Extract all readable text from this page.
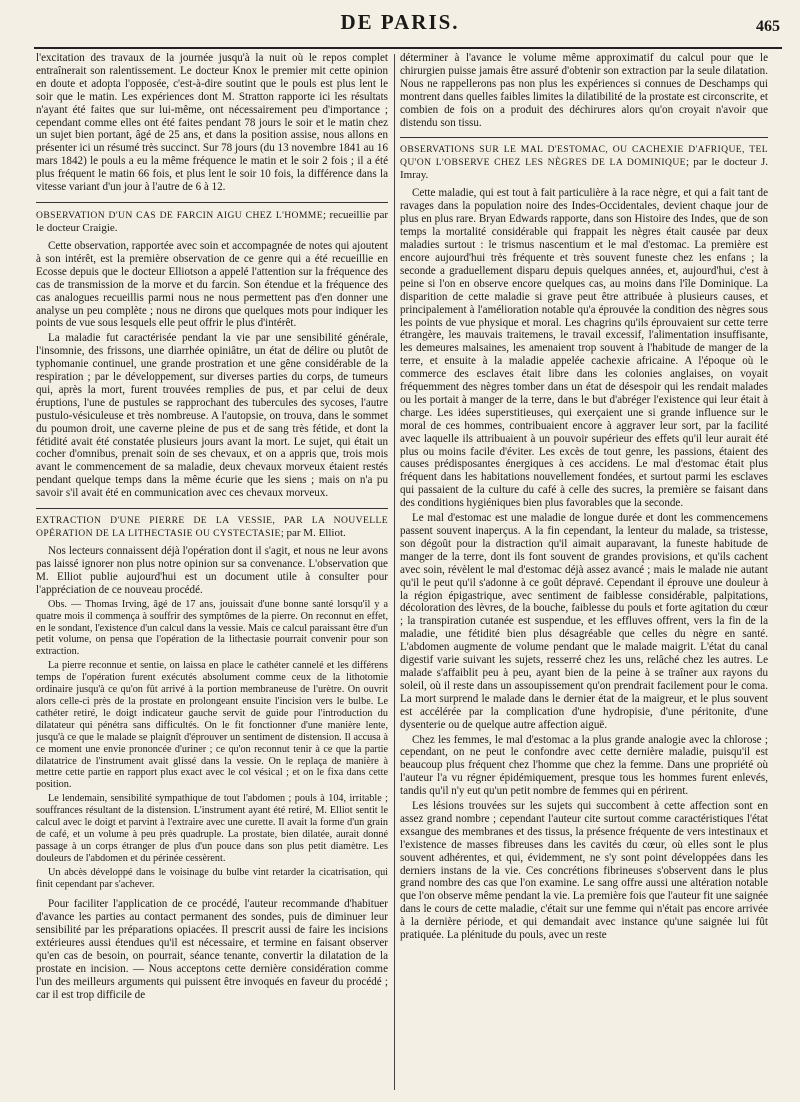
DE PARIS.	465

l'excitation des travaux de la journée jusqu'à la nuit où le repos complet entraînerait son ralentissement. Le docteur Knox le premier mit cette opinion en doute et adopta l'opposée, c'est-à-dire soutint que le pouls est plus lent le soir que le matin. Les expériences dont M. Stratton rapporte ici les résultats n'ayant été faites que sur lui-même, ont nécessairement peu d'importance ; cependant comme elles ont été faites pendant 78 jours le soir et le matin chez un sujet bien portant, âgé de 25 ans, et dans la position assise, nous allons en présenter ici un résumé très succinct. Sur 78 jours (du 13 novembre 1841 au 16 mars 1842) le pouls a eu la même fréquence le matin et le soir 2 fois ; il a été plus fréquent le matin 66 fois, et plus lent le soir 10 fois, la différence dans la vitesse variant d'un jour à l'autre de 6 à 12.

OBSERVATION D'UN CAS DE FARCIN AIGU CHEZ L'HOMME; recueillie par le docteur Craigie.

Cette observation, rapportée avec soin et accompagnée de notes qui ajoutent à son intérêt, est la première observation de ce genre qui a été recueillie en Ecosse depuis que le docteur Elliotson a appelé l'attention sur la fréquence des cas de transmission de la morve et du farcin. Son étendue et la fréquence des cas analogues recueillis parmi nous ne nous permettent pas d'en donner une analyse un peu complète ; nous ne dirons que quelques mots pour indiquer les points de vue sous lesquels elle peut offrir le plus d'intérêt.

La maladie fut caractérisée pendant la vie par une sensibilité générale, l'insomnie, des frissons, une diarrhée opiniâtre, un état de délire ou plutôt de typhomanie continuel, une grande prostration et une gêne considérable de la respiration ; par le développement, sur diverses parties du corps, de tumeurs qui, après la mort, furent trouvées remplies de pus, et par celui de deux éruptions, l'une de pustules se rapprochant des tubercules des sycoses, l'autre pustulo-vésiculeuse et très nombreuse. A l'autopsie, on trouva, dans le sommet du poumon droit, une caverne pleine de pus et de sang très fétide, et dont la fétidité avait été constatée plusieurs jours avant la mort. Le sujet, qui était un cocher d'omnibus, prenait soin de ses chevaux, et on a appris que, trois mois avant le commencement de sa maladie, deux chevaux morveux étaient restés pendant quelque temps dans la même écurie que les siens ; mais on n'a pu savoir s'il avait été en communication avec ces chevaux morveux.

EXTRACTION D'UNE PIERRE DE LA VESSIE, PAR LA NOUVELLE OPÉRATION DE LA LITHECTASIE OU CYSTECTASIE; par M. Elliot.

Nos lecteurs connaissent déjà l'opération dont il s'agit, et nous ne leur avons pas laissé ignorer non plus notre opinion sur sa convenance. L'observation que M. Elliot publie aujourd'hui est un document utile à consulter pour l'appréciation de ce nouveau procédé.

Obs. — Thomas Irving, âgé de 17 ans, jouissait d'une bonne santé lorsqu'il y a quatre mois il commença à souffrir des symptômes de la pierre. On reconnut en effet, en le sondant, l'existence d'un calcul dans la vessie. Mais ce calcul paraissant être d'un petit volume, on pensa que l'opération de la lithectasie pourrait convenir pour son extraction.

La pierre reconnue et sentie, on laissa en place le cathéter cannelé et les différens temps de l'opération furent exécutés absolument comme ceux de la lithotomie ordinaire jusqu'à ce qu'on fût arrivé à la portion membraneuse de l'urètre. On ouvrit alors celle-ci près de la prostate en prolongeant ensuite l'incision vers le bulbe. Le cathéter retiré, le doigt indicateur gauche servit de guide pour l'introduction du dilatateur qui pénétra sans difficultés. On le fit fonctionner d'une manière lente, jusqu'à ce que le malade se plaignît d'éprouver un sentiment de distension. Il accusa à ce moment une envie prononcée d'uriner ; ce qu'on reconnut tenir à ce que la partie dilatatrice de l'instrument avait glissé dans la vessie. On le replaça de manière à mettre cette partie en rapport plus exact avec le col vésical ; et on le fixa dans cette position.

Le lendemain, sensibilité sympathique de tout l'abdomen ; pouls à 104, irritable ; souffrances résultant de la distension. L'instrument ayant été retiré, M. Elliot sentit le calcul avec le doigt et parvint à l'extraire avec une curette. Il avait la forme d'un grain de café, et un volume à peu près quadruple. La prostate, bien dilatée, aurait donné passage à un corps étranger de plus d'un pouce dans son plus petit diamètre. Les douleurs de l'abdomen et du périnée cessèrent.

Un abcès développé dans le voisinage du bulbe vint retarder la cicatrisation, qui finit cependant par s'achever.

Pour faciliter l'application de ce procédé, l'auteur recommande d'habituer d'avance les parties au contact permanent des sondes, puis de diminuer leur sensibilité par les préparations opiacées. Il prescrit aussi de faire les incisions extérieures aussi étendues qu'il est nécessaire, et termine en faisant observer qu'en cas de besoin, on pourrait, séance tenante, convertir la dilatation de la prostate en incision. — Nous acceptons cette dernière considération comme l'un des meilleurs arguments qui puissent être invoqués en faveur du procédé ; car il est trop difficile de

déterminer à l'avance le volume même approximatif du calcul pour que le chirurgien puisse jamais être assuré d'obtenir son extraction par la seule dilatation. Nous ne rappellerons pas non plus les expériences si connues de Deschamps qui montrent dans quelles faibles limites la dilatibilité de la prostate est circonscrite, et combien de fois on a produit des déchirures alors qu'on croyait n'avoir que distendu son tissu.

OBSERVATIONS SUR LE MAL D'ESTOMAC, OU CACHEXIE D'AFRIQUE, TEL QU'ON L'OBSERVE CHEZ LES NÈGRES DE LA DOMINIQUE; par le docteur J. Imray.

Cette maladie, qui est tout à fait particulière à la race nègre, et qui a fait tant de ravages dans la population noire des Indes-Occidentales, devient chaque jour de plus en plus rare. Bryan Edwards rapporte, dans son Histoire des Indes, que de son temps la mortalité considérable qui frappait les nègres était causée par deux maladies surtout : le trismus nascentium et le mal d'estomac. La première est encore aujourd'hui très fréquente et très souvent funeste chez les enfans ; la seconde a graduellement disparu depuis quelques années, et, aujourd'hui, c'est à peine si l'on en observe encore quelques cas, au moins dans l'île Dominique. La disparition de cette maladie si grave peut être attribuée à plusieurs causes, et principalement à l'amélioration notable qu'a éprouvée la condition des nègres sous les points de vue physique et moral. Les chagrins qu'ils éprouvaient sur cette terre étrangère, les mauvais traitemens, le travail excessif, l'alimentation insuffisante, les demeures malsaines, les amenaient trop souvent à l'habitude de manger de la terre, et ensuite à la maladie appelée cachexie africaine. A l'époque où le commerce des esclaves était libre dans les colonies anglaises, on voyait fréquemment des nègres tomber dans un état de désespoir qui les rendait malades ou les portait à manger de la terre, dans le but d'abréger l'existence qui leur était à charge. Les idées superstitieuses, qui exerçaient une si grande influence sur le moral de ces hommes, contribuaient encore à aggraver leur sort, par la facilité avec laquelle ils attribuaient à un pouvoir supérieur des effets qu'il leur aurait été plus ou moins facile d'éviter. Les excès de tout genre, les passions, étaient des causes prédisposantes énergiques à ces accidens. Le mal d'estomac était plus fréquent dans les habitations nouvellement fondées, et surtout parmi les esclaves qui passaient de la culture du café à celle des sucres, la première se faisant dans des conditions hygiéniques bien plus favorables que la seconde.

Le mal d'estomac est une maladie de longue durée et dont les commencemens passent souvent inaperçus. A la fin cependant, la lenteur du malade, sa tristesse, son dégoût pour la distraction qu'il aimait auparavant, la funeste habitude de manger de la terre, dont ils font souvent de grandes provisions, et qu'ils cachent avec soin, révèlent le mal d'estomac déjà assez avancé ; mais le malade nie autant qu'il le peut qu'il s'adonne à ce goût dépravé. Cependant il éprouve une douleur à la région épigastrique, avec sentiment de faiblesse considérable, palpitations, décoloration des lèvres, de la bouche, faiblesse du pouls et forte agitation du cœur ; la transpiration cutanée est suspendue, et les effluves offrent, vers la fin de la maladie, une fétidité bien plus désagréable que celles du nègre en santé. L'abdomen augmente de volume pendant que le malade maigrit. L'état du canal digestif varie suivant les sujets, resserré chez les uns, relâché chez les autres. Le malade s'affaiblit peu à peu, ayant bien de la peine à se traîner aux rayons du soleil, où il reste dans un assoupissement qu'on prendrait facilement pour le coma. La mort surprend le malade dans le dernier état de la maigreur, et le plus souvent est accélérée par la complication d'une hydropisie, d'une péritonite, d'une dysenterie ou de quelque autre affection aiguë.

Chez les femmes, le mal d'estomac a la plus grande analogie avec la chlorose ; cependant, on ne peut le confondre avec cette dernière maladie, puisqu'il est beaucoup plus fréquent chez l'homme que chez la femme. Dans une propriété où l'auteur l'a vu régner épidémiquement, presque tous les hommes furent enlevés, tandis qu'il n'y eut qu'un petit nombre de femmes qui en périrent.

Les lésions trouvées sur les sujets qui succombent à cette affection sont en assez grand nombre ; cependant l'auteur cite surtout comme caractéristiques l'état exsangue des membranes et des tissus, la présence fréquente de vers intestinaux et l'existence de masses fibreuses dans les cavités du cœur, où elles sont le plus souvent adhérentes, et qui, évidemment, ne s'y sont point développées dans les derniers instans de la vie. Ces concrétions fibrineuses s'observent dans le plus grand nombre des cas que l'on examine. Le sang offre aussi une altération notable que l'on observe même pendant la vie. La première fois que l'auteur fit une saignée dans le cours de cette maladie, c'était sur une femme qui n'était pas encore arrivée à la dernière période, et qui demandait avec instance qu'une saignée lui fût pratiquée. La plénitude du pouls, avec un reste
